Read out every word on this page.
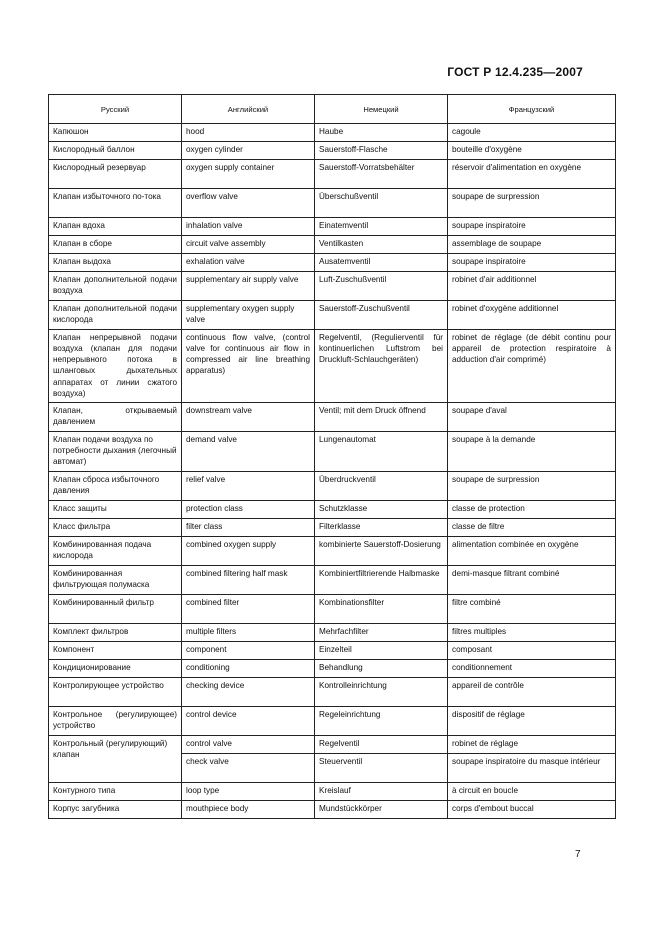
ГОСТ Р 12.4.235—2007
Русский	Английский	Немецкий	Французский
Капюшон	hood	Haube	cagoule
Кислородный баллон	oxygen cylinder	Sauerstoff-Flasche	bouteille d'oxygène
Кислородный резервуар	oxygen supply container	Sauerstoff-Vorratsbehälter	réservoir d'alimentation en oxygène
Клапан избыточного по-тока	overflow valve	Überschußventil	soupape de surpression
Клапан вдоха	inhalation valve	Einatemventil	soupape inspiratoire
Клапан в сборе	circuit valve assembly	Ventilkasten	assemblage de soupape
Клапан выдоха	exhalation valve	Ausatemventil	soupape inspiratoire
Клапан дополнительной подачи воздуха	supplementary air supply valve	Luft-Zuschußventil	robinet d'air additionnel
Клапан дополнительной подачи кислорода	supplementary oxygen supply valve	Sauerstoff-Zuschußventil	robinet d'oxygène additionnel
Клапан непрерывной подачи воздуха (клапан для подачи непрерывного потока в шланговых дыхательных аппаратах от линии сжатого воздуха)	continuous flow valve, (control valve for continuous air flow in compressed air line breathing apparatus)	Regelventil, (Regulierventil für kontinuerlichen Luftstrom bei Druckluft-Schlauchgeräten)	robinet de réglage (de débit continu pour appareil de protection respiratoire à adduction d'air comprimé)
Клапан, открываемый давлением	downstream valve	Ventil; mit dem Druck öffnend	soupape d'aval
Клапан подачи воздуха по потребности дыхания (легочный автомат)	demand valve	Lungenautomat	soupape à la demande
Клапан сброса избыточного давления	relief valve	Überdruckventil	soupape de surpression
Класс защиты	protection class	Schutzklasse	classe de protection
Класс фильтра	filter class	Filterklasse	classe de filtre
Комбинированная подача кислорода	combined oxygen supply	kombinierte Sauerstoff-Dosierung	alimentation combinée en oxygène
Комбинированная фильтрующая полумаска	combined filtering half mask	Kombiniertfiltrierende Halbmaske	demi-masque filtrant combiné
Комбинированный фильтр	combined filter	Kombinationsfilter	filtre combiné
Комплект фильтров	multiple filters	Mehrfachfilter	filtres multiples
Компонент	component	Einzelteil	composant
Кондиционирование	conditioning	Behandlung	conditionnement
Контролирующее устройство	checking device	Kontrolleinrichtung	appareil de contrôle
Контрольное (регулирующее) устройство	control device	Regeleinrichtung	dispositif de réglage
Контрольный (регулирующий) клапан	control valve	Regelventil	robinet de réglage
	check valve	Steuerventil	soupape inspiratoire du masque intérieur
Контурного типа	loop type	Kreislauf	à circuit en boucle
Корпус загубника	mouthpiece body	Mundstückkörper	corps d'embout buccal
7
